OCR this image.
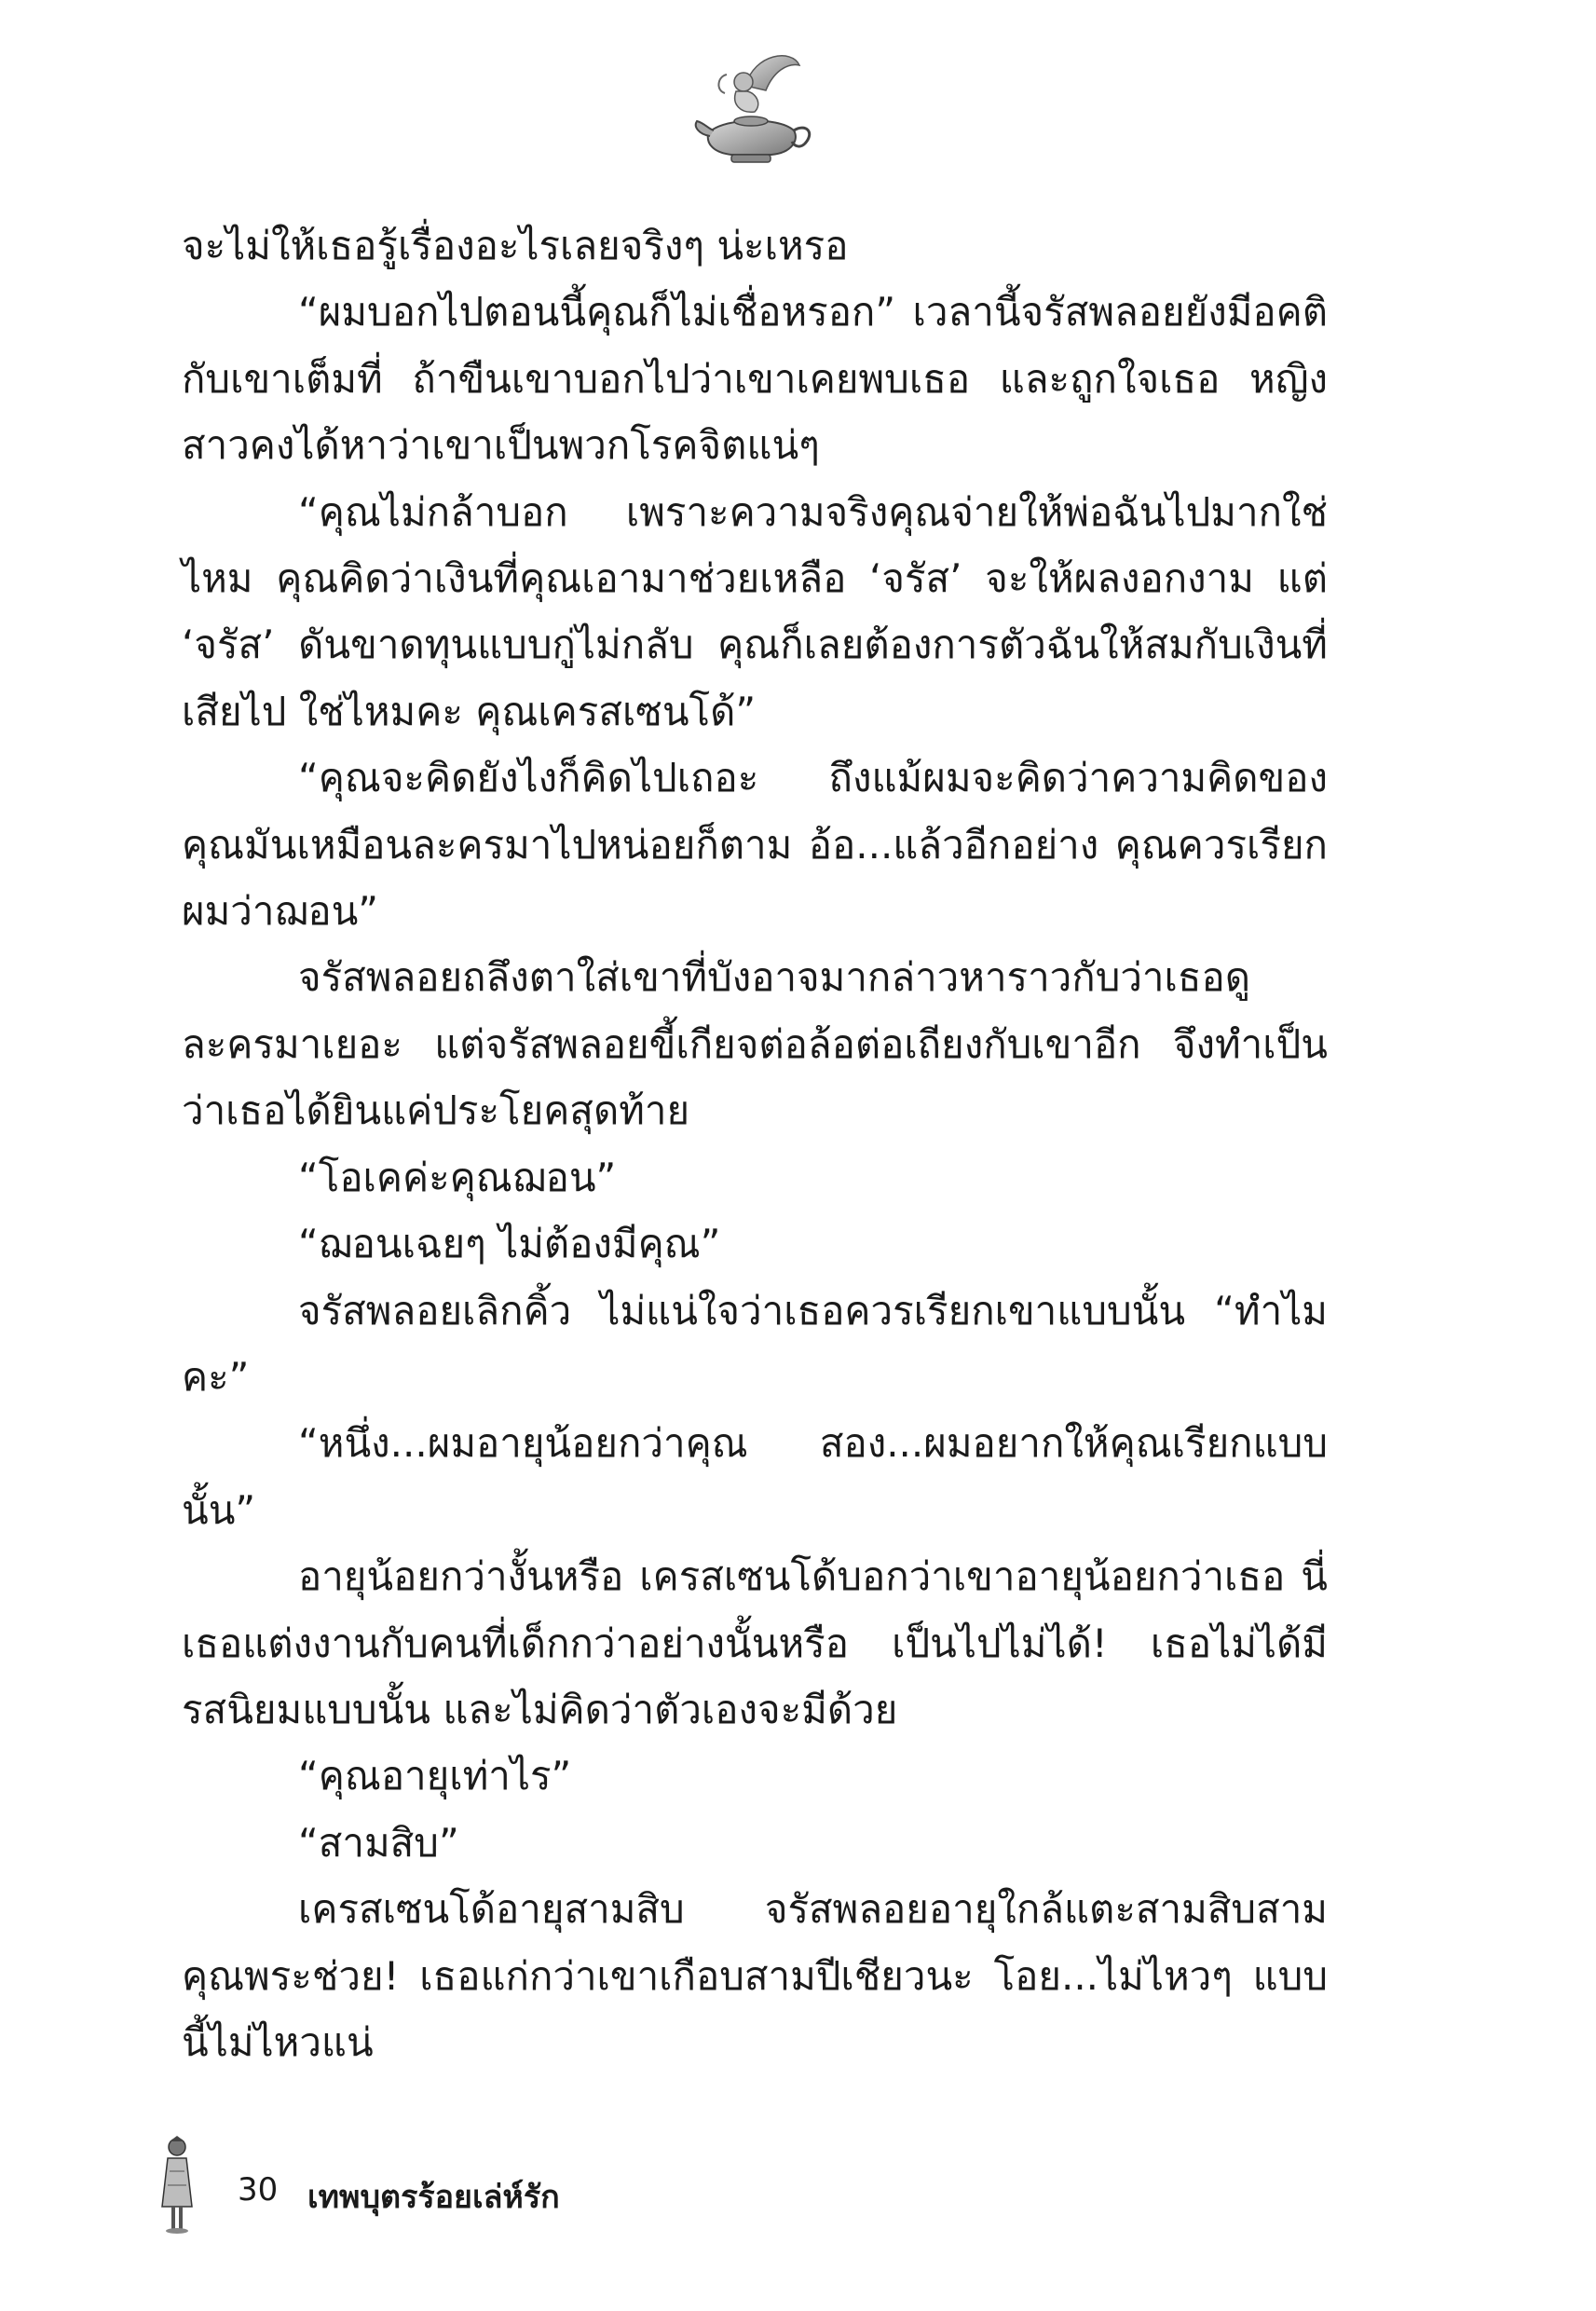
จะไม่ให้เธอรู้เรื่องอะไรเลยจริงๆ น่ะเหรอ

“ผมบอกไปตอนนี้คุณก็ไม่เชื่อหรอก” เวลานี้จรัสพลอยยังมีอคติกับเขาเต็มที่ ถ้าขืนเขาบอกไปว่าเขาเคยพบเธอ และถูกใจเธอ หญิงสาวคงได้หาว่าเขาเป็นพวกโรคจิตแน่ๆ

“คุณไม่กล้าบอก เพราะความจริงคุณจ่ายให้พ่อฉันไปมากใช่ไหม คุณคิดว่าเงินที่คุณเอามาช่วยเหลือ ‘จรัส’ จะให้ผลงอกงาม แต่ ‘จรัส’ ดันขาดทุนแบบกู่ไม่กลับ คุณก็เลยต้องการตัวฉันให้สมกับเงินที่เสียไป ใช่ไหมคะ คุณเครสเซนโด้”

“คุณจะคิดยังไงก็คิดไปเถอะ ถึงแม้ผมจะคิดว่าความคิดของคุณมันเหมือนละครมาไปหน่อยก็ตาม อ้อ...แล้วอีกอย่าง คุณควรเรียกผมว่าฌอน”

จรัสพลอยถลึงตาใส่เขาที่บังอาจมากล่าวหาราวกับว่าเธอดูละครมาเยอะ แต่จรัสพลอยขี้เกียจต่อล้อต่อเถียงกับเขาอีก จึงทำเป็นว่าเธอได้ยินแค่ประโยคสุดท้าย

“โอเคค่ะคุณฌอน”

“ฌอนเฉยๆ ไม่ต้องมีคุณ”

จรัสพลอยเลิกคิ้ว ไม่แน่ใจว่าเธอควรเรียกเขาแบบนั้น “ทำไมคะ”

“หนึ่ง...ผมอายุน้อยกว่าคุณ สอง...ผมอยากให้คุณเรียกแบบนั้น”

อายุน้อยกว่างั้นหรือ เครสเซนโด้บอกว่าเขาอายุน้อยกว่าเธอ นี่เธอแต่งงานกับคนที่เด็กกว่าอย่างนั้นหรือ เป็นไปไม่ได้! เธอไม่ได้มีรสนิยมแบบนั้น และไม่คิดว่าตัวเองจะมีด้วย

“คุณอายุเท่าไร”

“สามสิบ”

เครสเซนโด้อายุสามสิบ จรัสพลอยอายุใกล้แตะสามสิบสาม คุณพระช่วย! เธอแก่กว่าเขาเกือบสามปีเชียวนะ โอย...ไม่ไหวๆ แบบนี้ไม่ไหวแน่

30 เทพบุตรร้อยเล่ห์รัก
